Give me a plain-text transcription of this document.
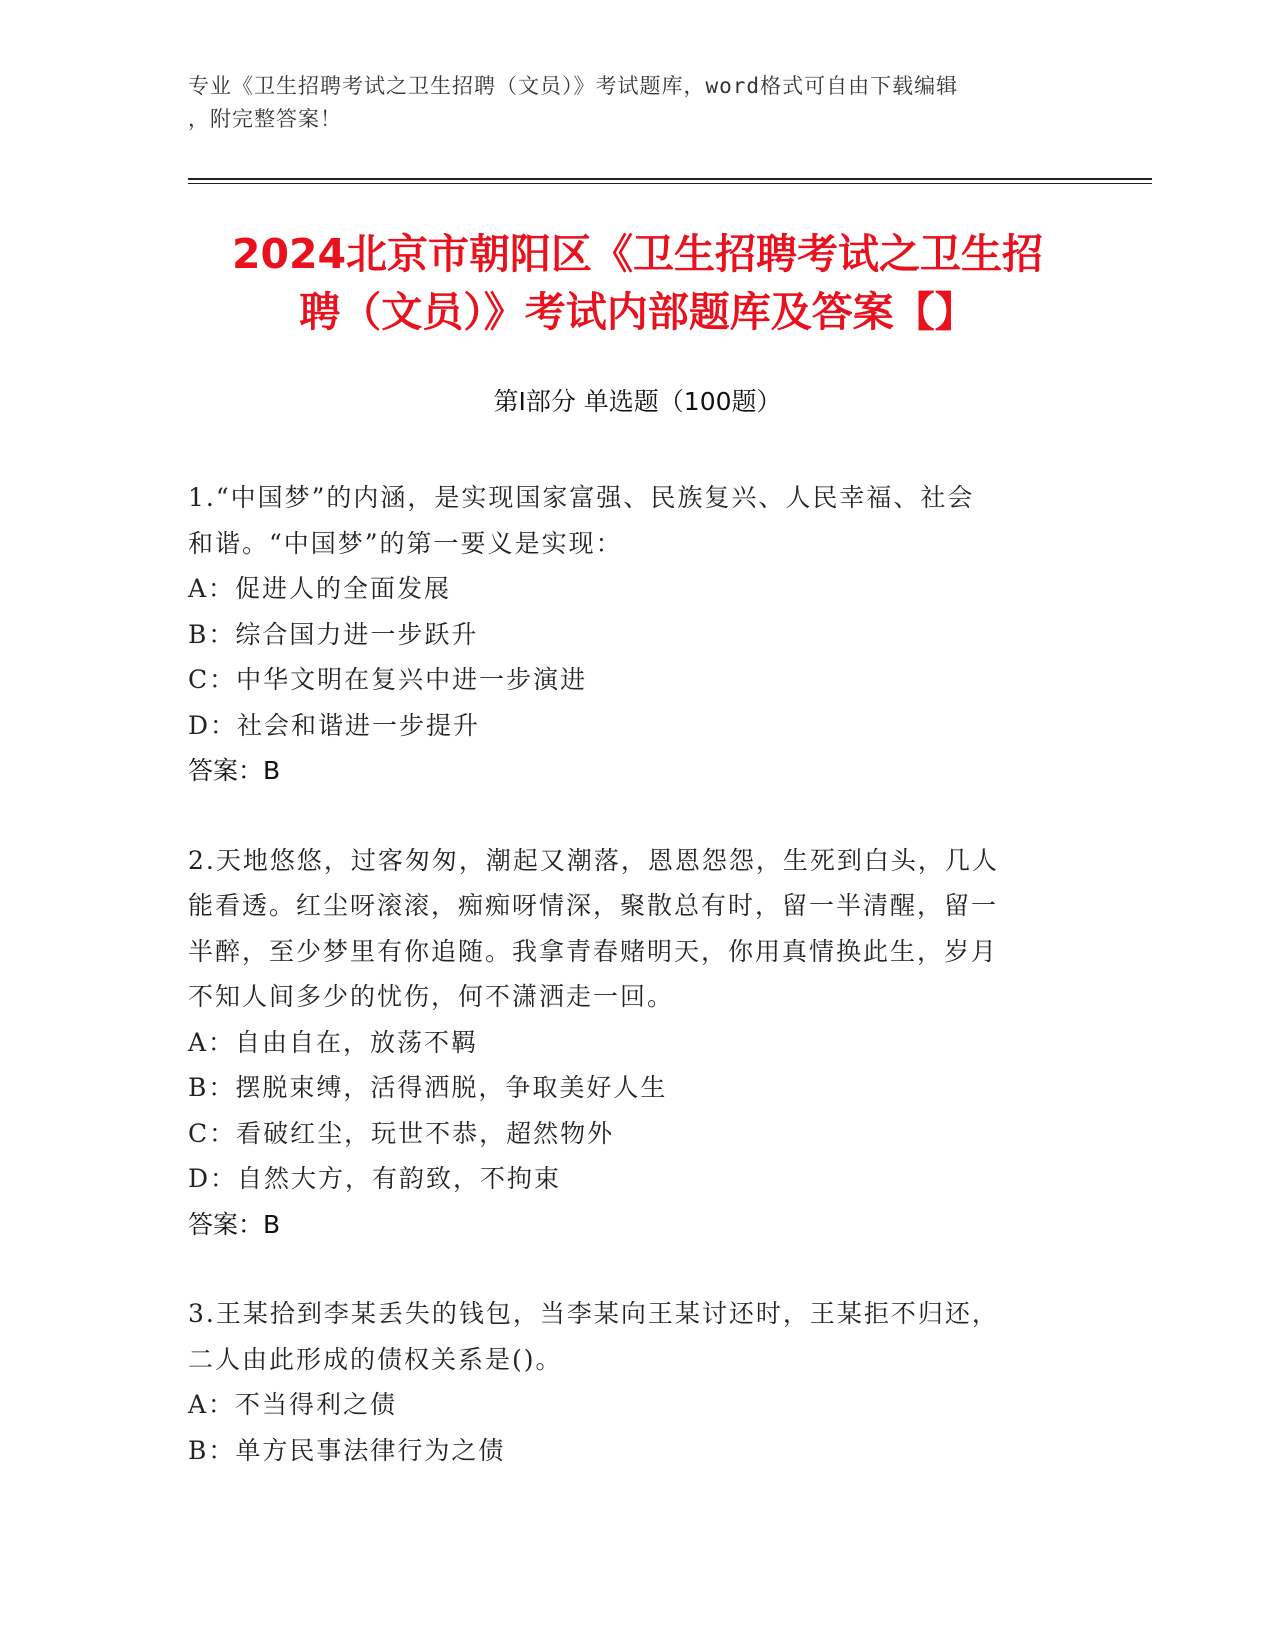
专业《卫生招聘考试之卫生招聘（文员）》考试题库，word格式可自由下载编辑
，附完整答案！
2024北京市朝阳区《卫生招聘考试之卫生招
聘（文员）》考试内部题库及答案【】
第Ⅰ部分 单选题（100题）
1.“中国梦”的内涵，是实现国家富强、民族复兴、人民幸福、社会
和谐。“中国梦”的第一要义是实现：
A：促进人的全面发展
B：综合国力进一步跃升
C：中华文明在复兴中进一步演进
D：社会和谐进一步提升
答案：B
2.天地悠悠，过客匆匆，潮起又潮落，恩恩怨怨，生死到白头，几人
能看透。红尘呀滚滚，痴痴呀情深，聚散总有时，留一半清醒，留一
半醉，至少梦里有你追随。我拿青春赌明天，你用真情换此生，岁月
不知人间多少的忧伤，何不潇洒走一回。
A：自由自在，放荡不羁
B：摆脱束缚，活得洒脱，争取美好人生
C：看破红尘，玩世不恭，超然物外
D：自然大方，有韵致，不拘束
答案：B
3.王某拾到李某丢失的钱包，当李某向王某讨还时，王某拒不归还，
二人由此形成的债权关系是()。
A：不当得利之债
B：单方民事法律行为之债
